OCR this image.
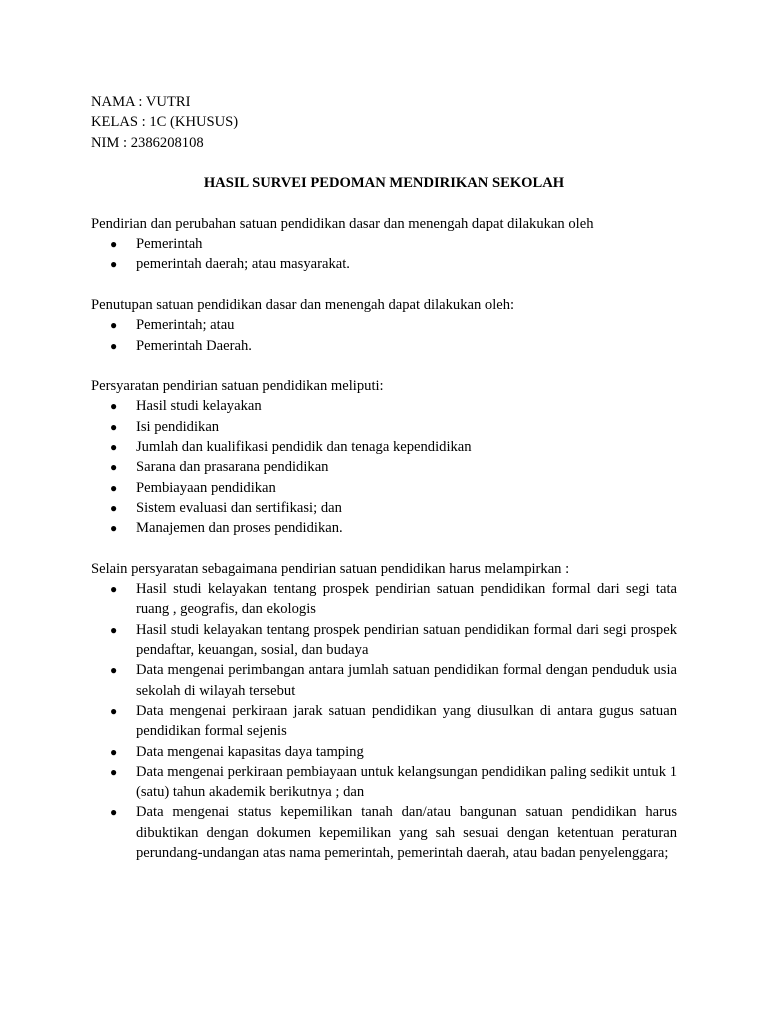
NAMA : VUTRI

KELAS : 1C (KHUSUS)

NIM : 2386208108

HASIL SURVEI PEDOMAN MENDIRIKAN SEKOLAH

Pendirian dan perubahan satuan pendidikan dasar dan menengah dapat dilakukan oleh

● Pemerintah
● pemerintah daerah; atau masyarakat.

Penutupan satuan pendidikan dasar dan menengah dapat dilakukan oleh:

● Pemerintah; atau
● Pemerintah Daerah.

Persyaratan pendirian satuan pendidikan meliputi:

● Hasil studi kelayakan
● Isi pendidikan
● Jumlah dan kualifikasi pendidik dan tenaga kependidikan
● Sarana dan prasarana pendidikan
● Pembiayaan pendidikan
● Sistem evaluasi dan sertifikasi; dan
● Manajemen dan proses pendidikan.

Selain persyaratan sebagaimana pendirian satuan pendidikan harus melampirkan :

● Hasil studi kelayakan tentang prospek pendirian satuan pendidikan formal dari segi tata ruang , geografis, dan ekologis
● Hasil studi kelayakan tentang prospek pendirian satuan pendidikan formal dari segi prospek pendaftar, keuangan, sosial, dan budaya
● Data mengenai perimbangan antara jumlah satuan pendidikan formal dengan penduduk usia sekolah di wilayah tersebut
● Data mengenai perkiraan jarak satuan pendidikan yang diusulkan di antara gugus satuan pendidikan formal sejenis
● Data mengenai kapasitas daya tamping
● Data mengenai perkiraan pembiayaan untuk kelangsungan pendidikan paling sedikit untuk 1 (satu) tahun akademik berikutnya ; dan
● Data mengenai status kepemilikan tanah dan/atau bangunan satuan pendidikan harus dibuktikan dengan dokumen kepemilikan yang sah sesuai dengan ketentuan peraturan perundang-undangan atas nama pemerintah, pemerintah daerah, atau badan penyelenggara;
